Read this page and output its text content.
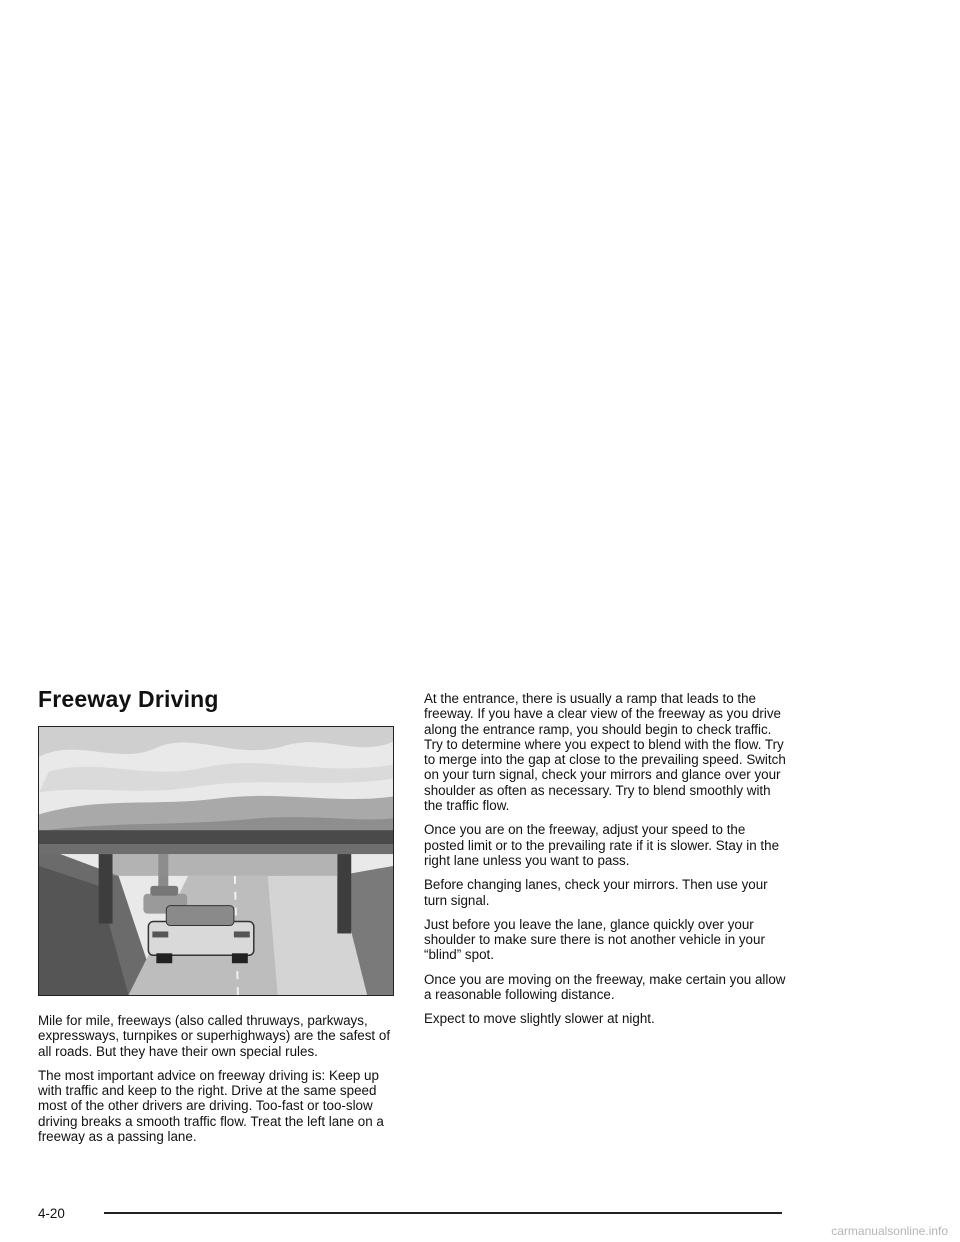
Freeway Driving

Mile for mile, freeways (also called thruways, parkways, expressways, turnpikes or superhighways) are the safest of all roads. But they have their own special rules.

The most important advice on freeway driving is: Keep up with traffic and keep to the right. Drive at the same speed most of the other drivers are driving. Too-fast or too-slow driving breaks a smooth traffic flow. Treat the left lane on a freeway as a passing lane.

At the entrance, there is usually a ramp that leads to the freeway. If you have a clear view of the freeway as you drive along the entrance ramp, you should begin to check traffic. Try to determine where you expect to blend with the flow. Try to merge into the gap at close to the prevailing speed. Switch on your turn signal, check your mirrors and glance over your shoulder as often as necessary. Try to blend smoothly with the traffic flow.

Once you are on the freeway, adjust your speed to the posted limit or to the prevailing rate if it is slower. Stay in the right lane unless you want to pass.

Before changing lanes, check your mirrors. Then use your turn signal.

Just before you leave the lane, glance quickly over your shoulder to make sure there is not another vehicle in your “blind” spot.

Once you are moving on the freeway, make certain you allow a reasonable following distance.

Expect to move slightly slower at night.

4-20
carmanualsonline.info
